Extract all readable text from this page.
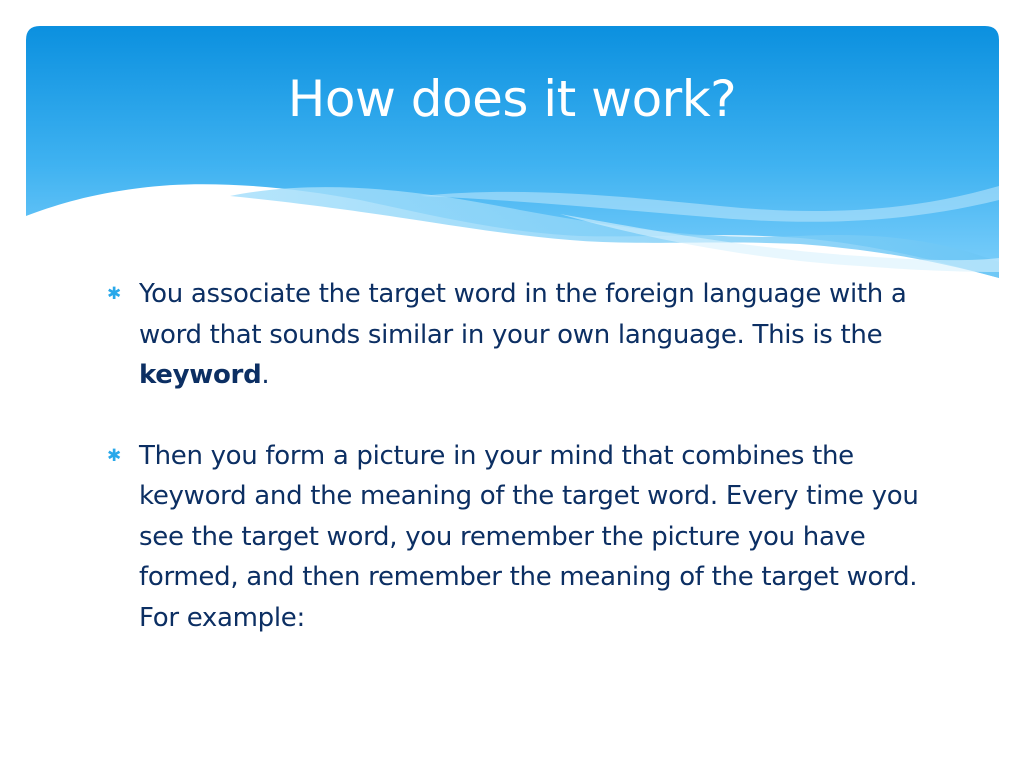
How does it work?
✱ You associate the target word in the foreign language with a word that sounds similar in your own language. This is the keyword.
✱ Then you form a picture in your mind that combines the keyword and the meaning of the target word. Every time you see the target word, you remember the picture you have formed, and then remember the meaning of the target word. For example:
